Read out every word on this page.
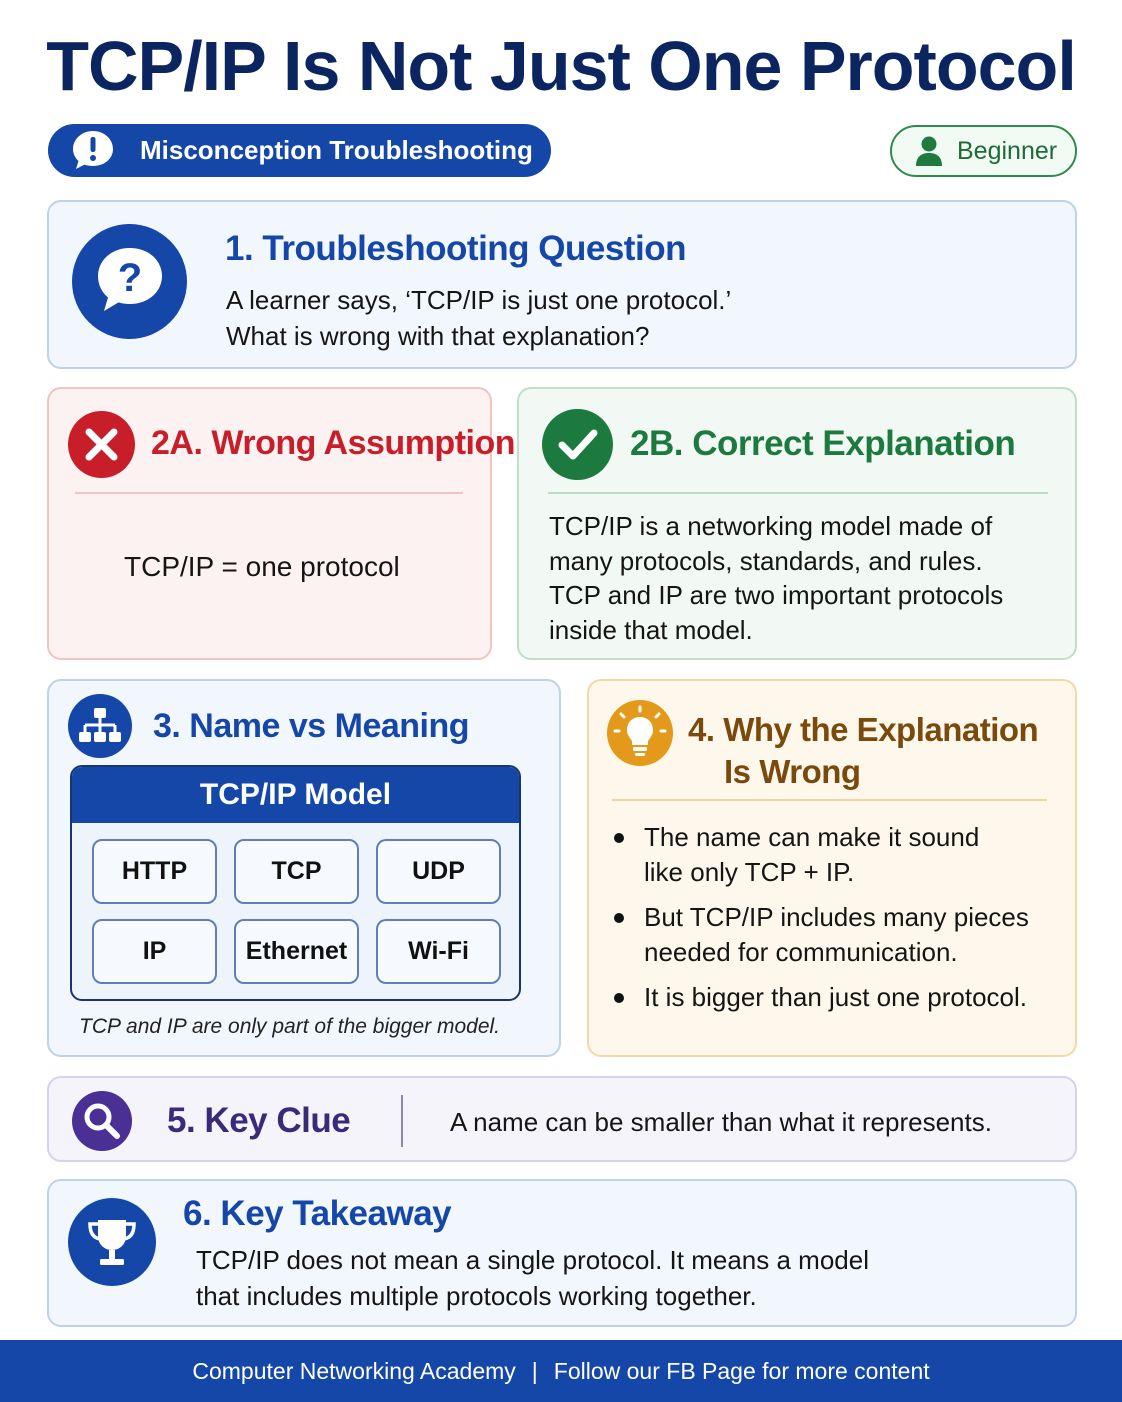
TCP/IP Is Not Just One Protocol
Misconception Troubleshooting	Beginner
?
1. Troubleshooting Question
A learner says, ‘TCP/IP is just one protocol.’
What is wrong with that explanation?
2A. Wrong Assumption
TCP/IP = one protocol
2B. Correct Explanation
TCP/IP is a networking model made of
many protocols, standards, and rules.
TCP and IP are two important protocols
inside that model.
3. Name vs Meaning
TCP/IP Model
HTTP	TCP	UDP
IP	Ethernet	Wi-Fi
TCP and IP are only part of the bigger model.
4. Why the Explanation
Is Wrong
The name can make it sound
like only TCP + IP.
But TCP/IP includes many pieces
needed for communication.
It is bigger than just one protocol.
5. Key Clue	A name can be smaller than what it represents.
6. Key Takeaway
TCP/IP does not mean a single protocol. It means a model
that includes multiple protocols working together.
Computer Networking Academy | Follow our FB Page for more content
